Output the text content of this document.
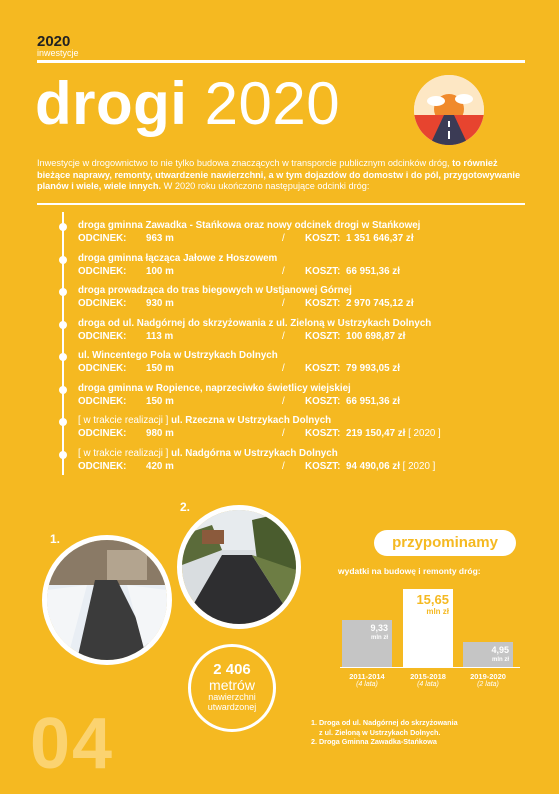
2020
inwestycje
drogi 2020
Inwestycje w drogownictwo to nie tylko budowa znaczących w transporcie publicznym odcinków dróg, to również bieżące naprawy, remonty, utwardzenie nawierzchni, a w tym dojazdów do domostw i do pól, przygotowywanie planów i wiele, wiele innych. W 2020 roku ukończono następujące odcinki dróg:
droga gminna Zawadka - Stańkowa oraz nowy odcinek drogi w Stańkowej
ODCINEK: 963 m	/ KOSZT: 1 351 646,37 zł
droga gminna łącząca Jałowe z Hoszowem
ODCINEK: 100 m	/ KOSZT: 66 951,36 zł
droga prowadząca do tras biegowych w Ustjanowej Górnej
ODCINEK: 930 m	/ KOSZT: 2 970 745,12 zł
droga od ul. Nadgórnej do skrzyżowania z ul. Zieloną w Ustrzykach Dolnych
ODCINEK: 113 m	/ KOSZT: 100 698,87 zł
ul. Wincentego Pola w Ustrzykach Dolnych
ODCINEK: 150 m	/ KOSZT: 79 993,05 zł
droga gminna w Ropience, naprzeciwko świetlicy wiejskiej
ODCINEK: 150 m	/ KOSZT: 66 951,36 zł
[ w trakcie realizacji ] ul. Rzeczna w Ustrzykach Dolnych
ODCINEK: 980 m	/ KOSZT: 219 150,47 zł [ 2020 ]
[ w trakcie realizacji ] ul. Nadgórna w Ustrzykach Dolnych
ODCINEK: 420 m	/ KOSZT: 94 490,06 zł [ 2020 ]
1.
2.
2 406
metrów
nawierzchni
utwardzonej
04
przypominamy
wydatki na budowę i remonty dróg:
9,33
mln zł
2011-2014
(4 lata)
15,65
mln zł
2015-2018
(4 lata)
4,95
mln zł
2019-2020
(2 lata)
1. Droga od ul. Nadgórnej do skrzyżowania
z ul. Zieloną w Ustrzykach Dolnych.
2. Droga Gminna Zawadka-Stańkowa
